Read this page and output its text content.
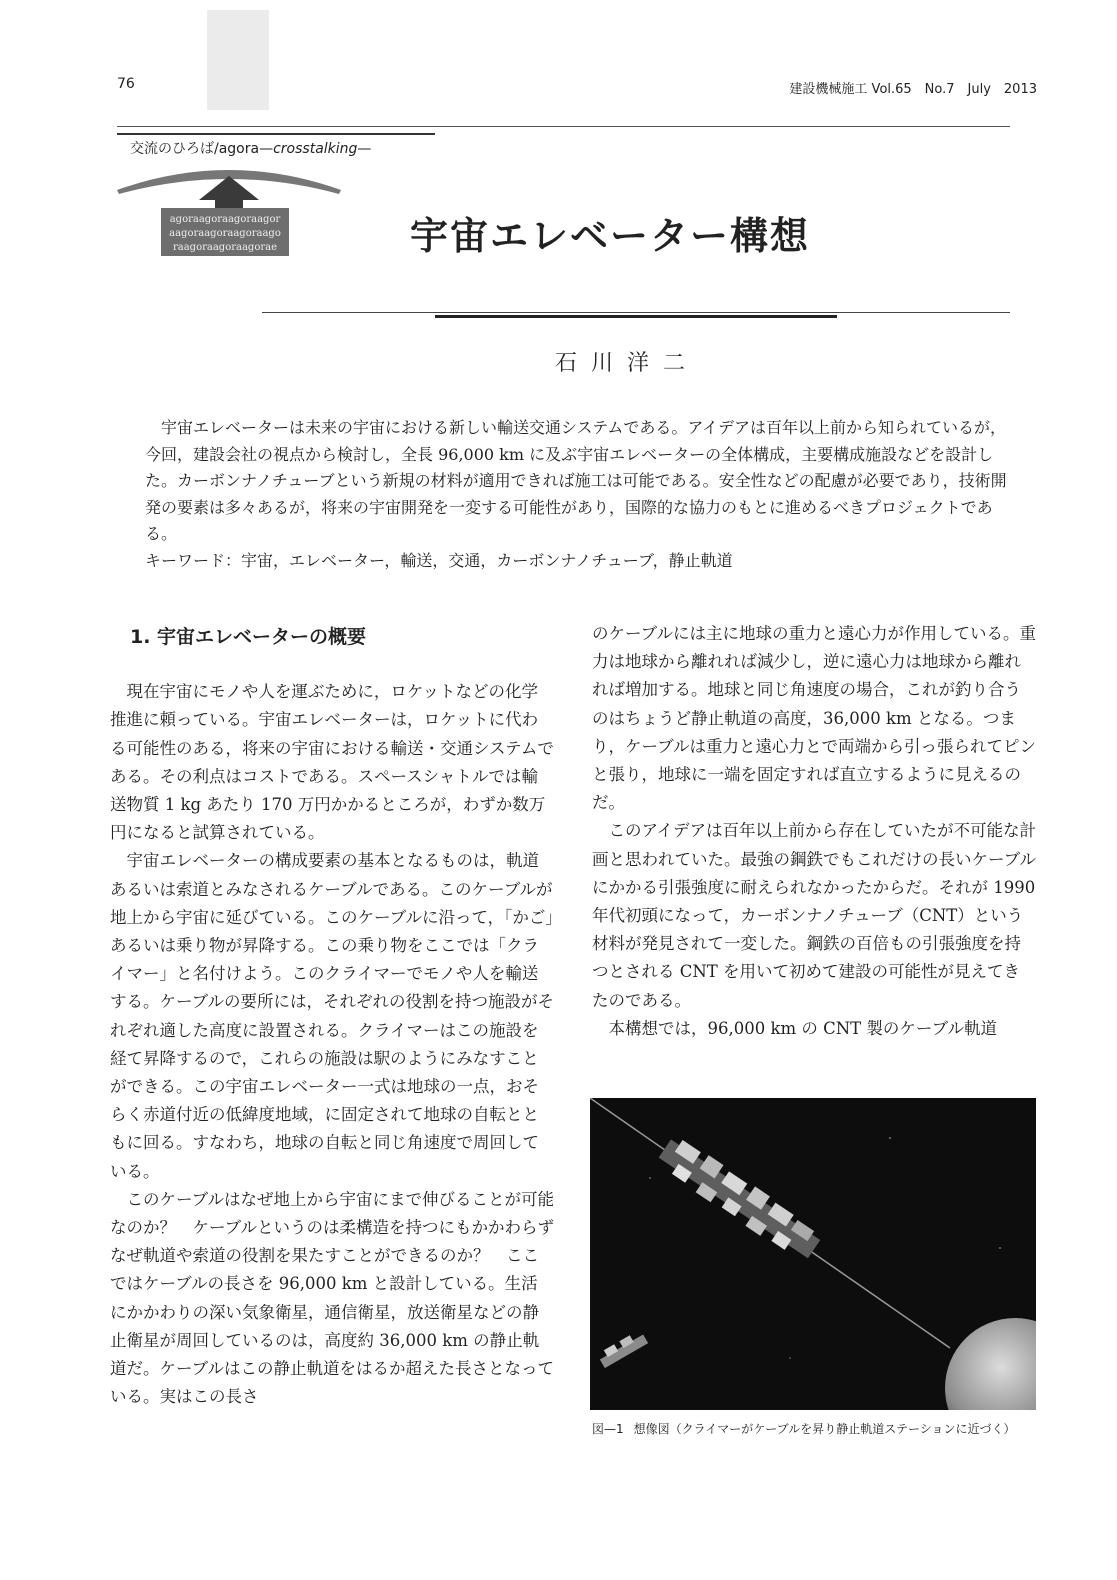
76	建設機械施工 Vol.65　No.7　July　2013
交流のひろば/agora—crosstalking—
agoraagoraagoraagor
aagoraagoraagoraago
raagoraagoraagorae	宇宙エレベーター構想
石川洋二

宇宙エレベーターは未来の宇宙における新しい輸送交通システムである。アイデアは百年以上前から知られているが，今回，建設会社の視点から検討し，全長 96,000 km に及ぶ宇宙エレベーターの全体構成，主要構成施設などを設計した。カーボンナノチューブという新規の材料が適用できれば施工は可能である。安全性などの配慮が必要であり，技術開発の要素は多々あるが，将来の宇宙開発を一変する可能性があり，国際的な協力のもとに進めるべきプロジェクトである。

キーワード：宇宙，エレベーター，輸送，交通，カーボンナノチューブ，静止軌道
1. 宇宙エレベーターの概要

現在宇宙にモノや人を運ぶために，ロケットなどの化学推進に頼っている。宇宙エレベーターは，ロケットに代わる可能性のある，将来の宇宙における輸送・交通システムである。その利点はコストである。スペースシャトルでは輸送物質 1 kg あたり 170 万円かかるところが，わずか数万円になると試算されている。

宇宙エレベーターの構成要素の基本となるものは，軌道あるいは索道とみなされるケーブルである。このケーブルが地上から宇宙に延びている。このケーブルに沿って，「かご」あるいは乗り物が昇降する。この乗り物をここでは「クライマー」と名付けよう。このクライマーでモノや人を輸送する。ケーブルの要所には，それぞれの役割を持つ施設がそれぞれ適した高度に設置される。クライマーはこの施設を経て昇降するので，これらの施設は駅のようにみなすことができる。この宇宙エレベーター一式は地球の一点，おそらく赤道付近の低緯度地域，に固定されて地球の自転とともに回る。すなわち，地球の自転と同じ角速度で周回している。

このケーブルはなぜ地上から宇宙にまで伸びることが可能なのか？　ケーブルというのは柔構造を持つにもかかわらずなぜ軌道や索道の役割を果たすことができるのか？　ここではケーブルの長さを 96,000 km と設計している。生活にかかわりの深い気象衛星，通信衛星，放送衛星などの静止衛星が周回しているのは，高度約 36,000 km の静止軌道だ。ケーブルはこの静止軌道をはるか超えた長さとなっている。実はこの長さ

のケーブルには主に地球の重力と遠心力が作用している。重力は地球から離れれば減少し，逆に遠心力は地球から離れれば増加する。地球と同じ角速度の場合，これが釣り合うのはちょうど静止軌道の高度，36,000 km となる。つまり，ケーブルは重力と遠心力とで両端から引っ張られてピンと張り，地球に一端を固定すれば直立するように見えるのだ。

このアイデアは百年以上前から存在していたが不可能な計画と思われていた。最強の鋼鉄でもこれだけの長いケーブルにかかる引張強度に耐えられなかったからだ。それが 1990 年代初頭になって，カーボンナノチューブ（CNT）という材料が発見されて一変した。鋼鉄の百倍もの引張強度を持つとされる CNT を用いて初めて建設の可能性が見えてきたのである。

本構想では，96,000 km の CNT 製のケーブル軌道

図—1 想像図（クライマーがケーブルを昇り静止軌道ステーションに近づく）
